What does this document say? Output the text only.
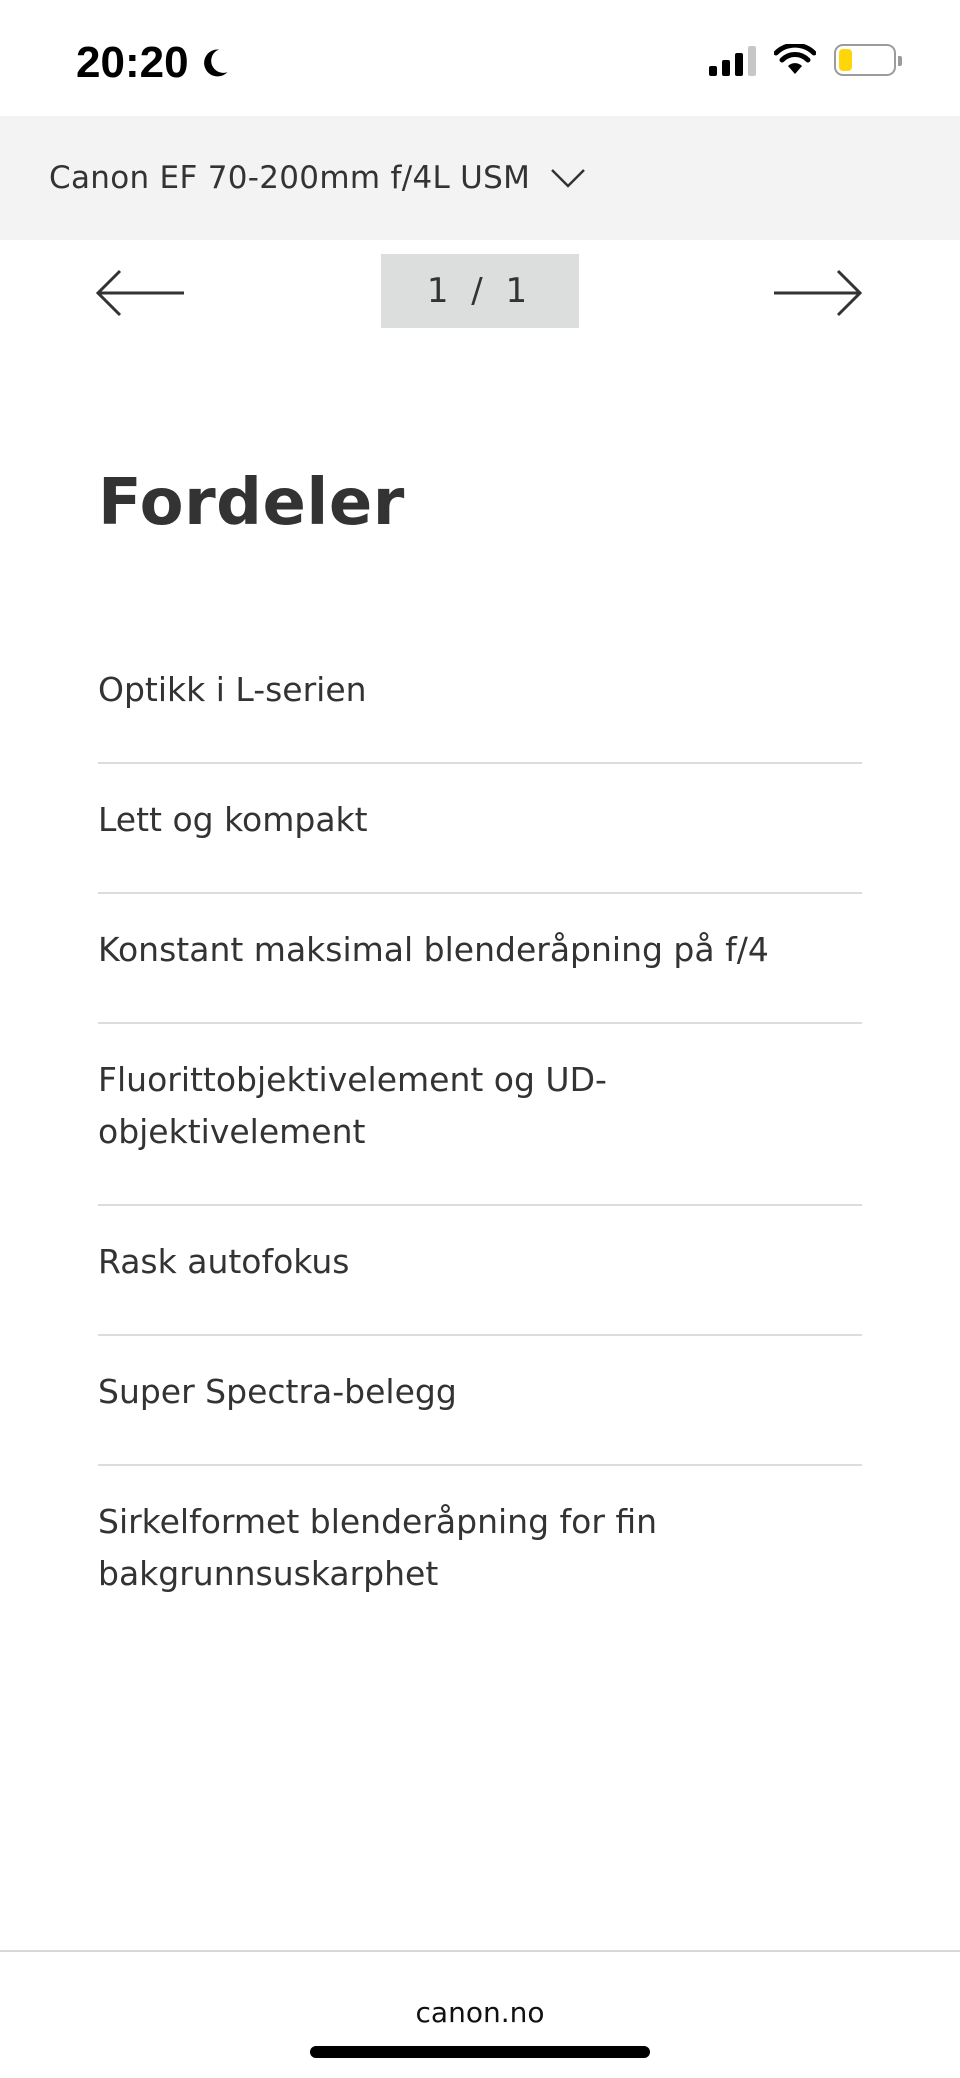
20:20
Canon EF 70-200mm f/4L USM
1 / 1
Fordeler
Optikk i L-serien
Lett og kompakt
Konstant maksimal blenderåpning på f/4
Fluorittobjektivelement og UD-objektivelement
Rask autofokus
Super Spectra-belegg
Sirkelformet blenderåpning for fin bakgrunnsuskarphet
canon.no
